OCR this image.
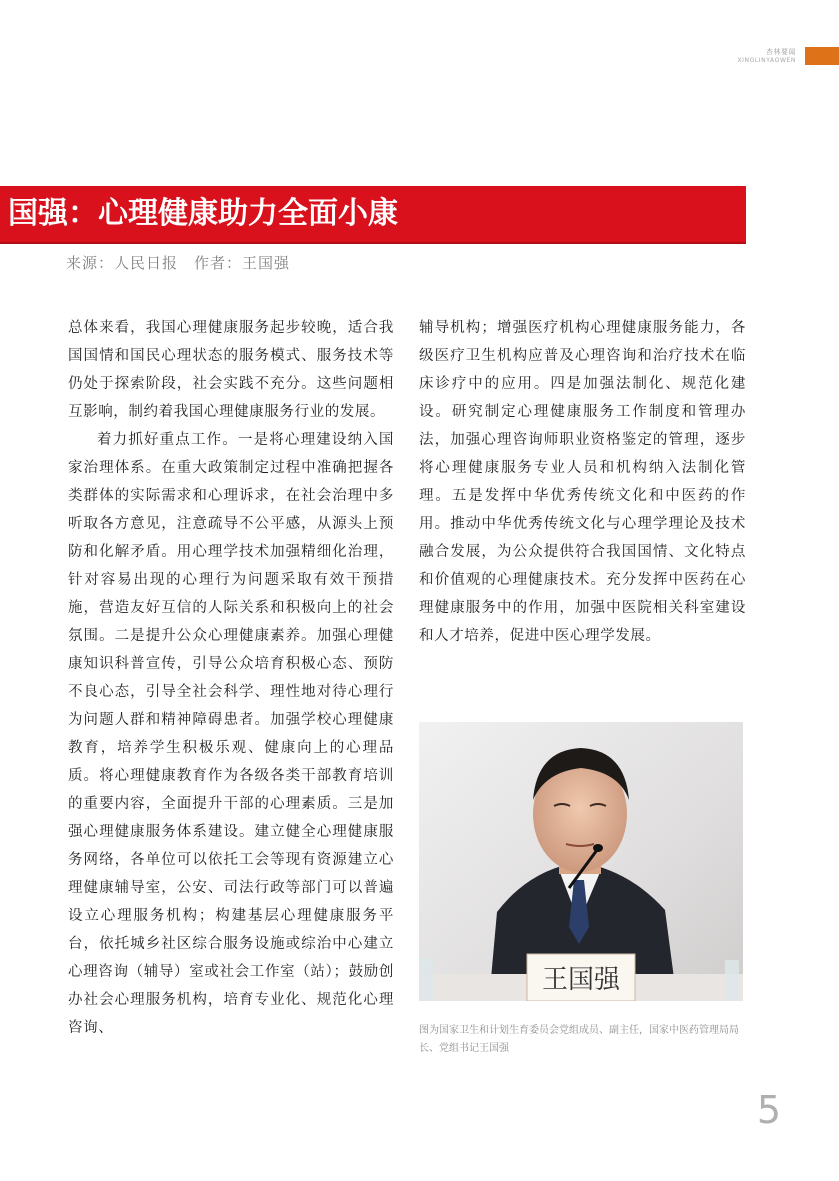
杏林要闻
XINGLINYAOWEN
国强：心理健康助力全面小康
来源：人民日报 作者：王国强

总体来看，我国心理健康服务起步较晚，适合我国国情和国民心理状态的服务模式、服务技术等仍处于探索阶段，社会实践不充分。这些问题相互影响，制约着我国心理健康服务行业的发展。

着力抓好重点工作。一是将心理建设纳入国家治理体系。在重大政策制定过程中准确把握各类群体的实际需求和心理诉求，在社会治理中多听取各方意见，注意疏导不公平感，从源头上预防和化解矛盾。用心理学技术加强精细化治理，针对容易出现的心理行为问题采取有效干预措施，营造友好互信的人际关系和积极向上的社会氛围。二是提升公众心理健康素养。加强心理健康知识科普宣传，引导公众培育积极心态、预防不良心态，引导全社会科学、理性地对待心理行为问题人群和精神障碍患者。加强学校心理健康教育，培养学生积极乐观、健康向上的心理品质。将心理健康教育作为各级各类干部教育培训的重要内容，全面提升干部的心理素质。三是加强心理健康服务体系建设。建立健全心理健康服务网络，各单位可以依托工会等现有资源建立心理健康辅导室，公安、司法行政等部门可以普遍设立心理服务机构；构建基层心理健康服务平台，依托城乡社区综合服务设施或综治中心建立心理咨询（辅导）室或社会工作室（站）；鼓励创办社会心理服务机构，培育专业化、规范化心理咨询、

辅导机构；增强医疗机构心理健康服务能力，各级医疗卫生机构应普及心理咨询和治疗技术在临床诊疗中的应用。四是加强法制化、规范化建设。研究制定心理健康服务工作制度和管理办法，加强心理咨询师职业资格鉴定的管理，逐步将心理健康服务专业人员和机构纳入法制化管理。五是发挥中华优秀传统文化和中医药的作用。推动中华优秀传统文化与心理学理论及技术融合发展，为公众提供符合我国国情、文化特点和价值观的心理健康技术。充分发挥中医药在心理健康服务中的作用，加强中医院相关科室建设和人才培养，促进中医心理学发展。

王国强
图为国家卫生和计划生育委员会党组成员、副主任，国家中医药管理局局长、党组书记王国强
5
